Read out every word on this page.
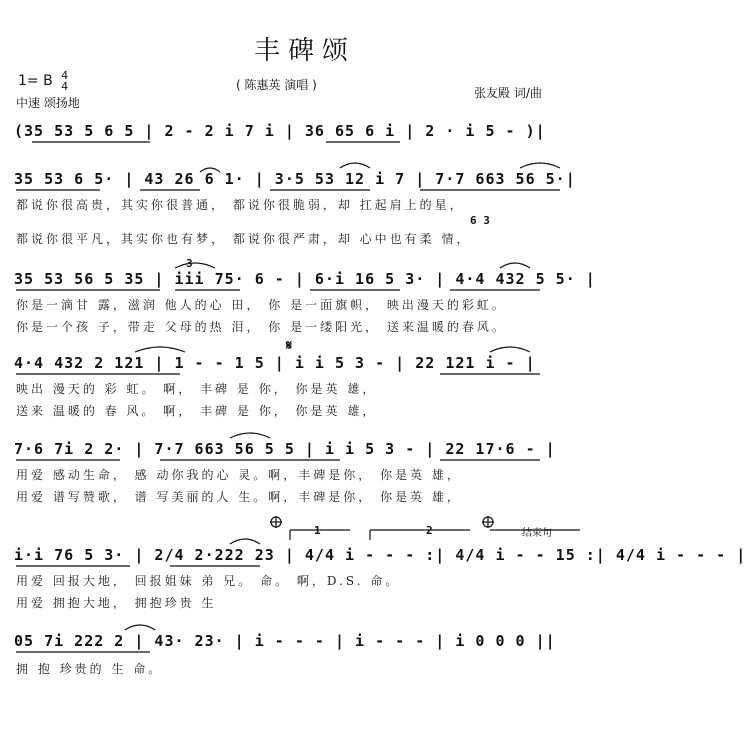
丰碑颂
( 陈惠英 演唱 )
1= B 4
4
中速 颂扬地
张友殿 词/曲
(35 53 5 6 5 | 2 - 2 i 7 i | 36 65 6 i | 2 · i 5 - )|
35 53 6 5· | 43 26 6 1· | 3·5 53 12 i 7 | 7·7 663 56 5·|
都说你很高贵，其实你很普通， 都说你很脆弱，却 扛起肩上的星，
6 3
都说你很平凡，其实你也有梦， 都说你很严肃，却 心中也有柔 情，
3
35 53 56 5 35 | iii 75· 6 - | 6·i 16 5 3· | 4·4 432 5 5· |
你是一滴甘 露，滋润 他人的心 田， 你 是一面旗帜， 映出漫天的彩虹。
你是一个孩 子，带走 父母的热 泪， 你 是一缕阳光， 送来温暖的春风。
𝄋
4·4 432 2 121 | 1 - - 1 5 | i i 5 3 - | 22 121 i - |
映出 漫天的 彩 虹。 啊， 丰碑 是 你， 你是英 雄，
送来 温暖的 春 风。 啊， 丰碑 是 你， 你是英 雄，
7·6 7i 2 2· | 7·7 663 56 5 5 | i i 5 3 - | 22 17·6 - |
用爱 感动生命， 感 动你我的心 灵。啊，丰碑是你， 你是英 雄，
用爱 谱写赞歌， 谱 写美丽的人 生。啊，丰碑是你， 你是英 雄，
1	2	结束句
i·i 76 5 3· | 2/4 2·222 23 | 4/4 i - - - :| 4/4 i - - 15 :| 4/4 i - - - |
用爱 回报大地， 回报姐妹 弟 兄。 命。 啊，D.S. 命。
用爱 拥抱大地， 拥抱珍贵 生
05 7i 222 2 | 43· 23· | i - - - | i - - - | i 0 0 0 ||
拥 抱 珍贵的 生 命。
